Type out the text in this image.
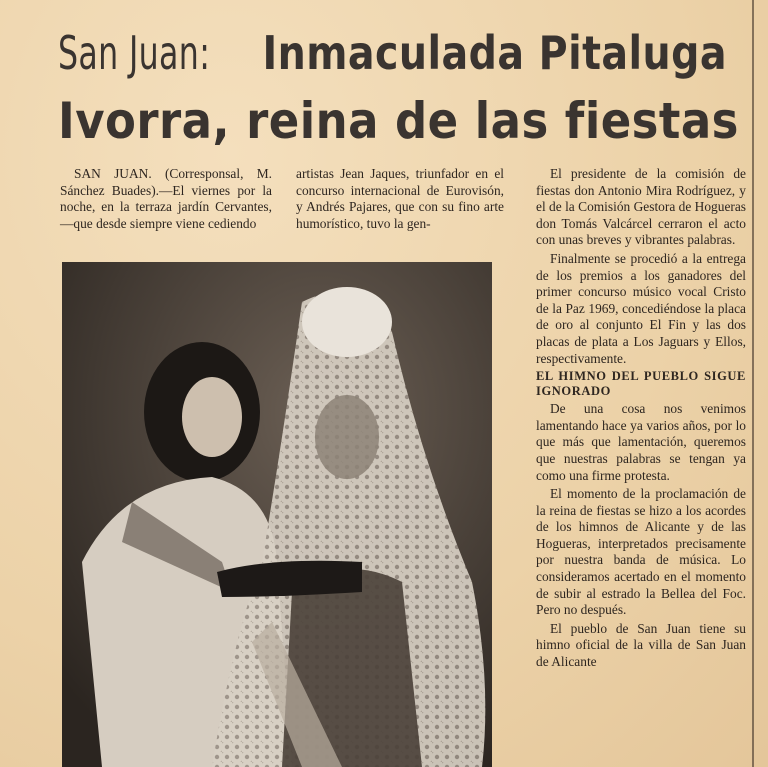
San Juan: Inmaculada Pitaluga
Ivorra, reina de las fiestas

SAN JUAN. (Corresponsal, M. Sánchez Buades).—El viernes por la noche, en la terraza jardín Cervantes, —que desde siempre viene cediendo

artistas Jean Jaques, triunfador en el concurso internacional de Eurovisón, y Andrés Pajares, que con su fino arte humorístico, tuvo la gen-

El presidente de la comisión de fiestas don Antonio Mira Rodríguez, y el de la Comisión Gestora de Hogueras don Tomás Valcárcel cerraron el acto con unas breves y vibrantes palabras.

Finalmente se procedió a la entrega de los premios a los ganadores del primer concurso músico vocal Cristo de la Paz 1969, concediéndose la placa de oro al conjunto El Fin y las dos placas de plata a Los Jaguars y Ellos, respectivamente.

EL HIMNO DEL PUEBLO SIGUE IGNORADO

De una cosa nos venimos lamentando hace ya varios años, por lo que más que lamentación, queremos que nuestras palabras se tengan ya como una firme protesta.

El momento de la proclamación de la reina de fiestas se hizo a los acordes de los himnos de Alicante y de las Hogueras, interpretados precisamente por nuestra banda de música. Lo consideramos acertado en el momento de subir al estrado la Bellea del Foc. Pero no después.

El pueblo de San Juan tiene su himno oficial de la villa de San Juan de Alicante
